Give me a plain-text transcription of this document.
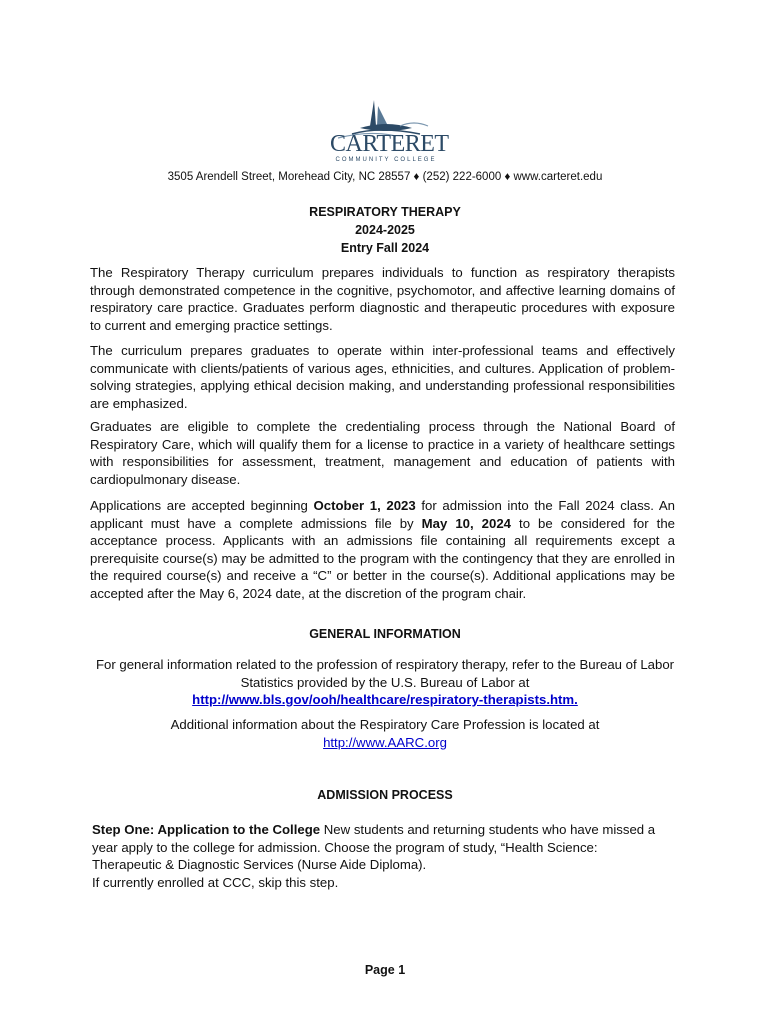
CARTERET
COMMUNITY COLLEGE
3505 Arendell Street, Morehead City, NC 28557 ♦ (252) 222-6000 ♦ www.carteret.edu
RESPIRATORY THERAPY
2024-2025
Entry Fall 2024

The Respiratory Therapy curriculum prepares individuals to function as respiratory therapists through demonstrated competence in the cognitive, psychomotor, and affective learning domains of respiratory care practice. Graduates perform diagnostic and therapeutic procedures with exposure to current and emerging practice settings.

The curriculum prepares graduates to operate within inter-professional teams and effectively communicate with clients/patients of various ages, ethnicities, and cultures. Application of problem-solving strategies, applying ethical decision making, and understanding professional responsibilities are emphasized.

Graduates are eligible to complete the credentialing process through the National Board of Respiratory Care, which will qualify them for a license to practice in a variety of healthcare settings with responsibilities for assessment, treatment, management and education of patients with cardiopulmonary disease.

Applications are accepted beginning October 1, 2023 for admission into the Fall 2024 class. An applicant must have a complete admissions file by May 10, 2024 to be considered for the acceptance process. Applicants with an admissions file containing all requirements except a prerequisite course(s) may be admitted to the program with the contingency that they are enrolled in the required course(s) and receive a “C” or better in the course(s). Additional applications may be accepted after the May 6, 2024 date, at the discretion of the program chair.

GENERAL INFORMATION

For general information related to the profession of respiratory therapy, refer to the Bureau of Labor Statistics provided by the U.S. Bureau of Labor at
http://www.bls.gov/ooh/healthcare/respiratory-therapists.htm.

Additional information about the Respiratory Care Profession is located at
http://www.AARC.org

ADMISSION PROCESS

Step One: Application to the College New students and returning students who have missed a year apply to the college for admission. Choose the program of study, “Health Science: Therapeutic & Diagnostic Services (Nurse Aide Diploma).
If currently enrolled at CCC, skip this step.

Page 1
